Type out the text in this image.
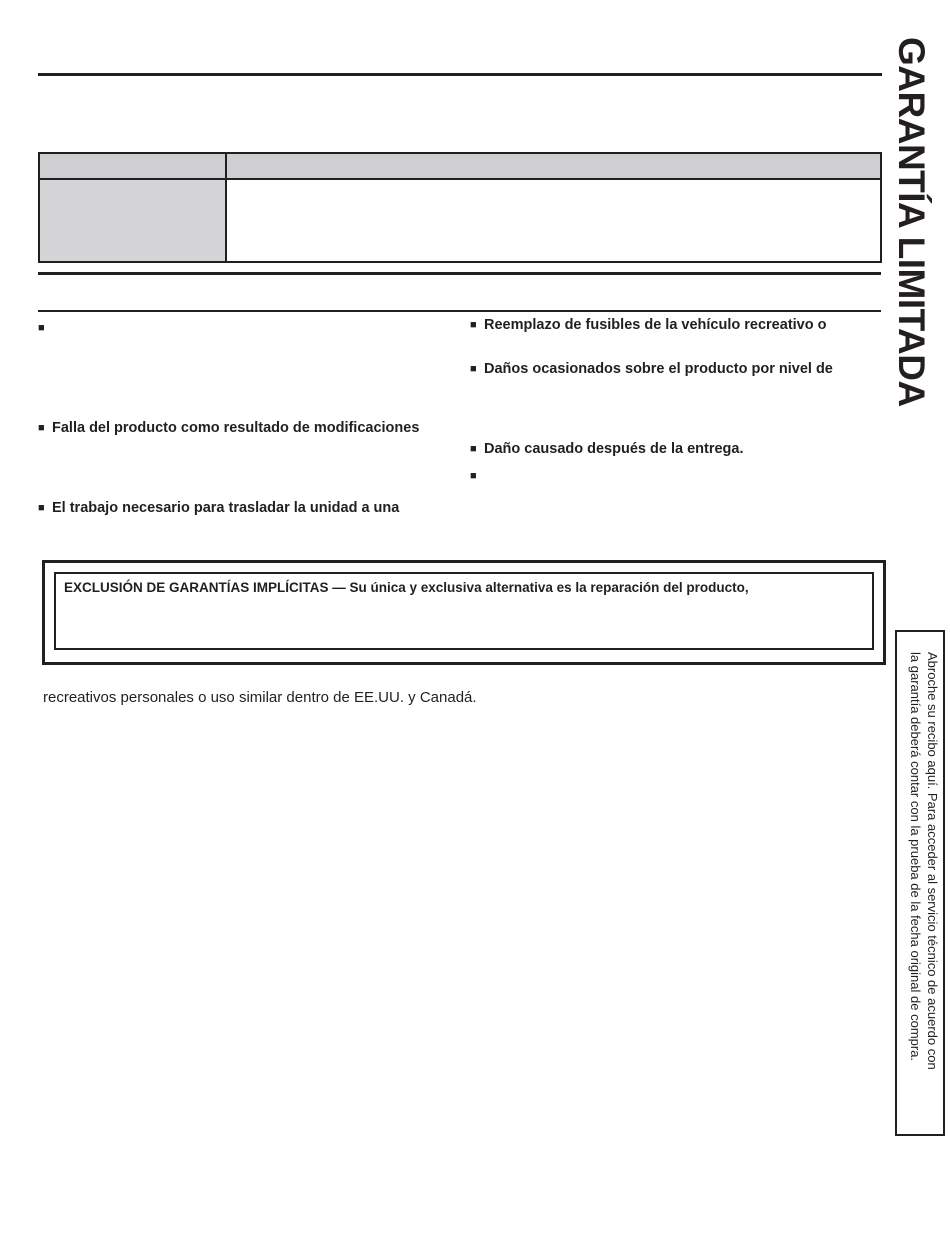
■
■ Falla del producto como resultado de modificaciones
■ El trabajo necesario para trasladar la unidad a una
■ Reemplazo de fusibles de la vehículo recreativo o
■ Daños ocasionados sobre el producto por nivel de
■ Daño causado después de la entrega.
■
EXCLUSIÓN DE GARANTÍAS IMPLÍCITAS — Su única y exclusiva alternativa es la reparación del producto,
recreativos personales o uso similar dentro de EE.UU. y Canadá.
GARANTÍA LIMITADA
Abroche su recibo aquí. Para acceder al servicio técnico de acuerdo con
la garantía deberá contar con la prueba de la fecha original de compra.
